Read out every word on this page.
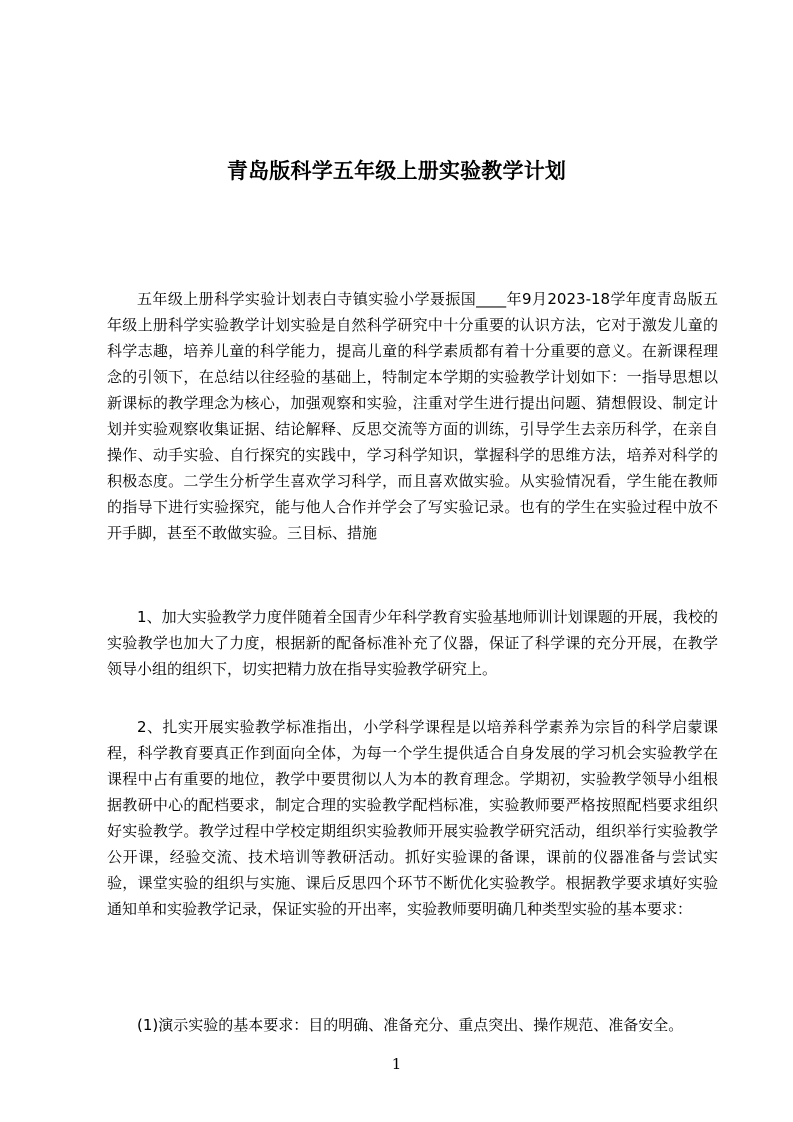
青岛版科学五年级上册实验教学计划

五年级上册科学实验计划表白寺镇实验小学聂振国____年9月2023-18学年度青岛版五年级上册科学实验教学计划实验是自然科学研究中十分重要的认识方法，它对于激发儿童的科学志趣，培养儿童的科学能力，提高儿童的科学素质都有着十分重要的意义。在新课程理念的引领下，在总结以往经验的基础上，特制定本学期的实验教学计划如下：一指导思想以新课标的教学理念为核心，加强观察和实验，注重对学生进行提出问题、猜想假设、制定计划并实验观察收集证据、结论解释、反思交流等方面的训练，引导学生去亲历科学，在亲自操作、动手实验、自行探究的实践中，学习科学知识，掌握科学的思维方法，培养对科学的积极态度。二学生分析学生喜欢学习科学，而且喜欢做实验。从实验情况看，学生能在教师的指导下进行实验探究，能与他人合作并学会了写实验记录。也有的学生在实验过程中放不开手脚，甚至不敢做实验。三目标、措施

1、加大实验教学力度伴随着全国青少年科学教育实验基地师训计划课题的开展，我校的实验教学也加大了力度，根据新的配备标准补充了仪器，保证了科学课的充分开展，在教学领导小组的组织下，切实把精力放在指导实验教学研究上。

2、扎实开展实验教学标准指出，小学科学课程是以培养科学素养为宗旨的科学启蒙课程，科学教育要真正作到面向全体，为每一个学生提供适合自身发展的学习机会实验教学在课程中占有重要的地位，教学中要贯彻以人为本的教育理念。学期初，实验教学领导小组根据教研中心的配档要求，制定合理的实验教学配档标准，实验教师要严格按照配档要求组织好实验教学。教学过程中学校定期组织实验教师开展实验教学研究活动，组织举行实验教学公开课，经验交流、技术培训等教研活动。抓好实验课的备课，课前的仪器准备与尝试实验，课堂实验的组织与实施、课后反思四个环节不断优化实验教学。根据教学要求填好实验通知单和实验教学记录，保证实验的开出率，实验教师要明确几种类型实验的基本要求：

(1)演示实验的基本要求：目的明确、准备充分、重点突出、操作规范、准备安全。

1
